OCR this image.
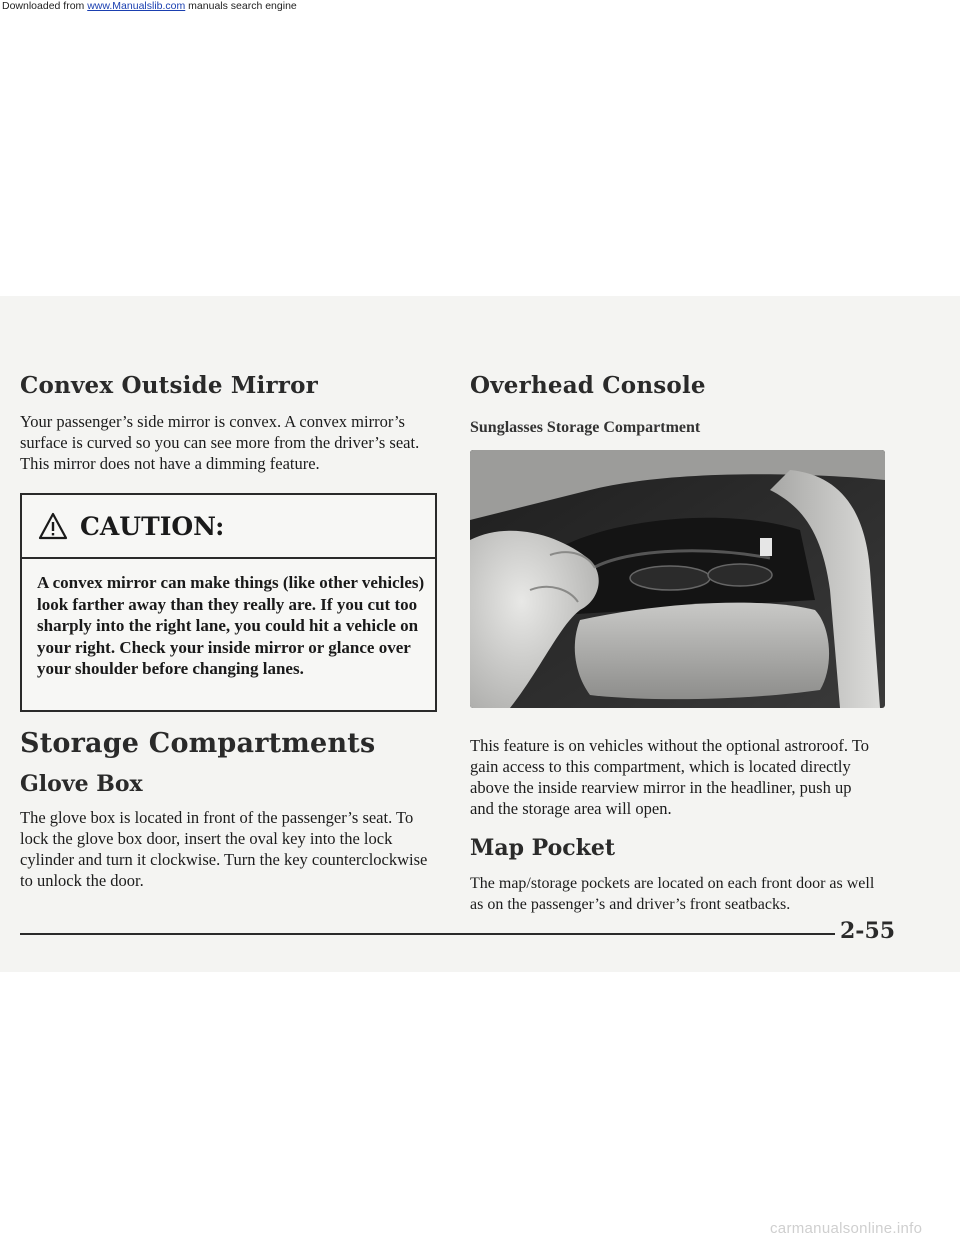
Downloaded from www.Manualslib.com manuals search engine
Convex Outside Mirror

Your passenger’s side mirror is convex. A convex mirror’s surface is curved so you can see more from the driver’s seat. This mirror does not have a dimming feature.

CAUTION:
A convex mirror can make things (like other vehicles) look farther away than they really are. If you cut too sharply into the right lane, you could hit a vehicle on your right. Check your inside mirror or glance over your shoulder before changing lanes.
Storage Compartments
Glove Box

The glove box is located in front of the passenger’s seat. To lock the glove box door, insert the oval key into the lock cylinder and turn it clockwise. Turn the key counterclockwise to unlock the door.

Overhead Console
Sunglasses Storage Compartment

This feature is on vehicles without the optional astroroof. To gain access to this compartment, which is located directly above the inside rearview mirror in the headliner, push up and the storage area will open.

Map Pocket

The map/storage pockets are located on each front door as well as on the passenger’s and driver’s front seatbacks.

2-55
carmanualsonline.info
